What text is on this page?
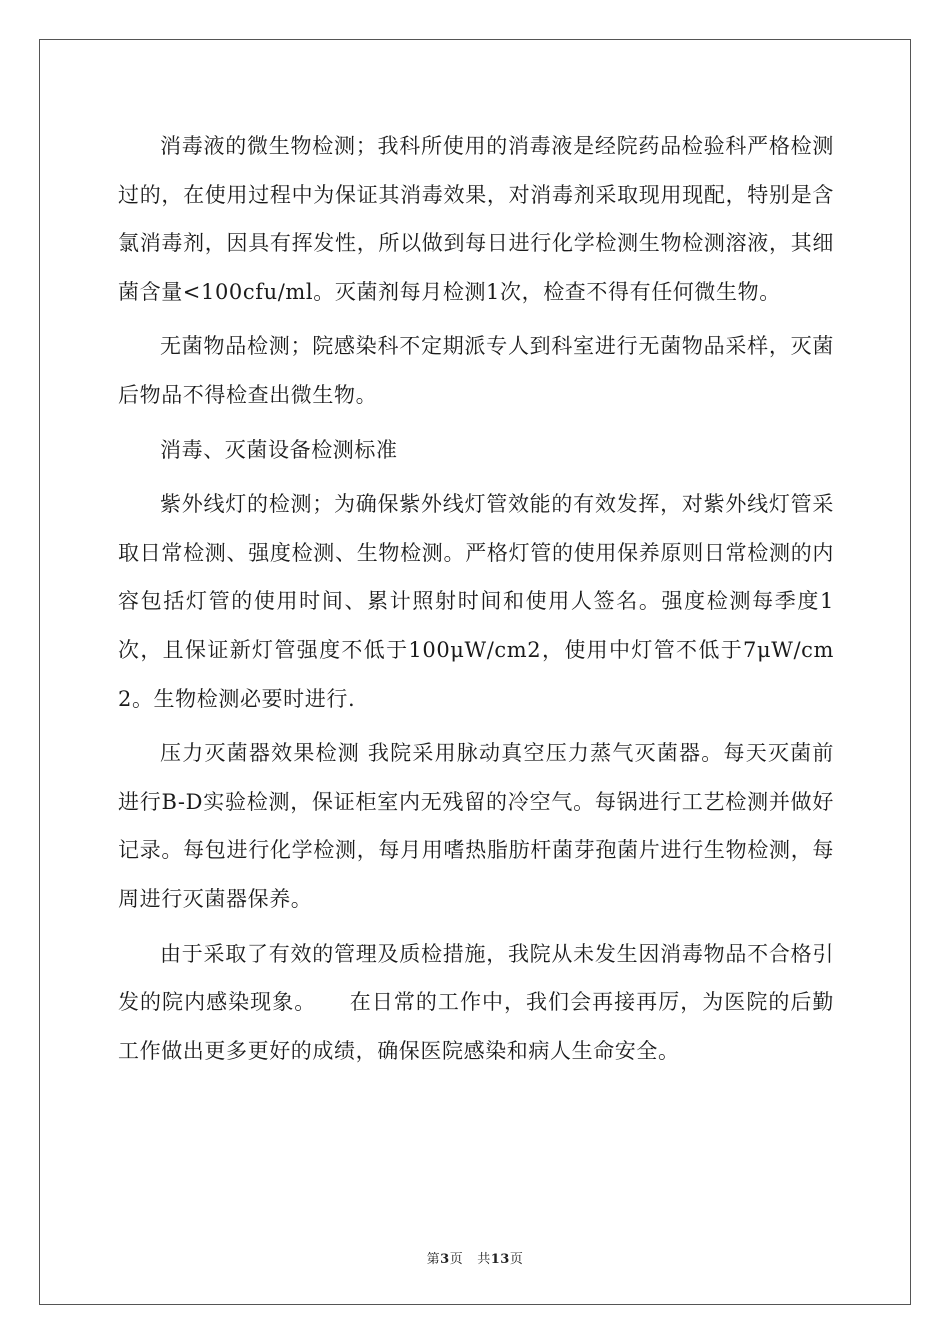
消毒液的微生物检测；我科所使用的消毒液是经院药品检验科严格检测过的，在使用过程中为保证其消毒效果，对消毒剂采取现用现配，特别是含氯消毒剂，因具有挥发性，所以做到每日进行化学检测生物检测溶液，其细菌含量<100cfu/ml。灭菌剂每月检测1次，检查不得有任何微生物。

无菌物品检测；院感染科不定期派专人到科室进行无菌物品采样，灭菌后物品不得检查出微生物。

消毒、灭菌设备检测标准

紫外线灯的检测；为确保紫外线灯管效能的有效发挥，对紫外线灯管采取日常检测、强度检测、生物检测。严格灯管的使用保养原则日常检测的内容包括灯管的使用时间、累计照射时间和使用人签名。强度检测每季度1次，且保证新灯管强度不低于100μW/cm2，使用中灯管不低于7μW/cm2。生物检测必要时进行.

压力灭菌器效果检测 我院采用脉动真空压力蒸气灭菌器。每天灭菌前进行B-D实验检测，保证柜室内无残留的冷空气。每锅进行工艺检测并做好记录。每包进行化学检测，每月用嗜热脂肪杆菌芽孢菌片进行生物检测，每周进行灭菌器保养。

由于采取了有效的管理及质检措施，我院从未发生因消毒物品不合格引发的院内感染现象。　　在日常的工作中，我们会再接再厉，为医院的后勤工作做出更多更好的成绩，确保医院感染和病人生命安全。

第3页 共13页
